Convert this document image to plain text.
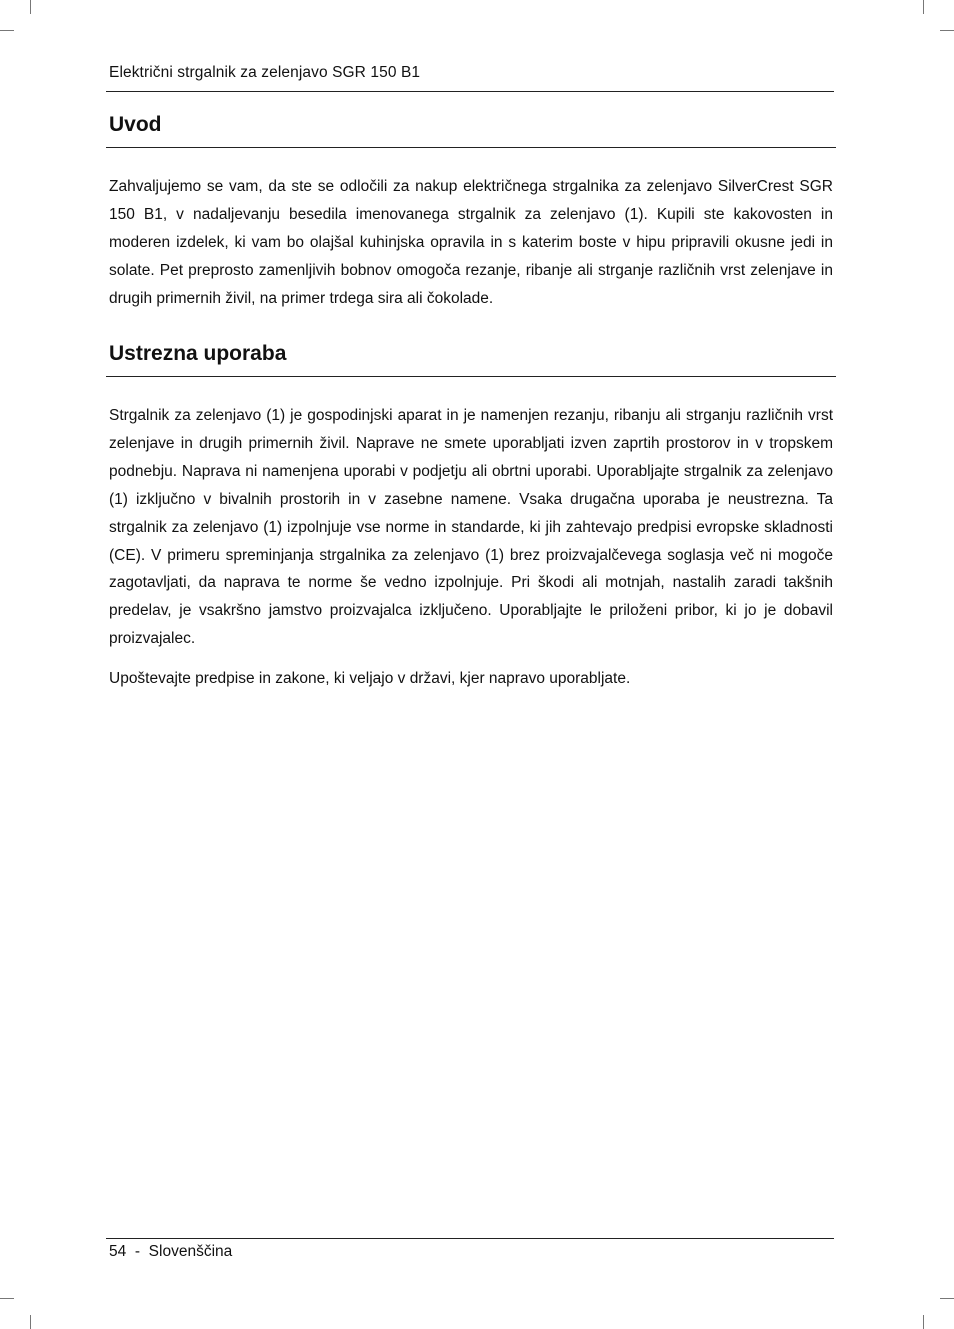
Električni strgalnik za zelenjavo SGR 150 B1
Uvod

Zahvaljujemo se vam, da ste se odločili za nakup električnega strgalnika za zelenjavo SilverCrest SGR 150 B1, v nadaljevanju besedila imenovanega strgalnik za zelenjavo (1). Kupili ste kakovosten in moderen izdelek, ki vam bo olajšal kuhinjska opravila in s katerim boste v hipu pripravili okusne jedi in solate. Pet preprosto zamenljivih bobnov omogoča rezanje, ribanje ali strganje različnih vrst zelenjave in drugih primernih živil, na primer trdega sira ali čokolade.

Ustrezna uporaba

Strgalnik za zelenjavo (1) je gospodinjski aparat in je namenjen rezanju, ribanju ali strganju različnih vrst zelenjave in drugih primernih živil. Naprave ne smete uporabljati izven zaprtih prostorov in v tropskem podnebju. Naprava ni namenjena uporabi v podjetju ali obrtni uporabi. Uporabljajte strgalnik za zelenjavo (1) izključno v bivalnih prostorih in v zasebne namene. Vsaka drugačna uporaba je neustrezna. Ta strgalnik za zelenjavo (1) izpolnjuje vse norme in standarde, ki jih zahtevajo predpisi evropske skladnosti (CE). V primeru spreminjanja strgalnika za zelenjavo (1) brez proizvajalčevega soglasja več ni mogoče zagotavljati, da naprava te norme še vedno izpolnjuje. Pri škodi ali motnjah, nastalih zaradi takšnih predelav, je vsakršno jamstvo proizvajalca izključeno. Uporabljajte le priloženi pribor, ki jo je dobavil proizvajalec.

Upoštevajte predpise in zakone, ki veljajo v državi, kjer napravo uporabljate.

54 - Slovenščina
